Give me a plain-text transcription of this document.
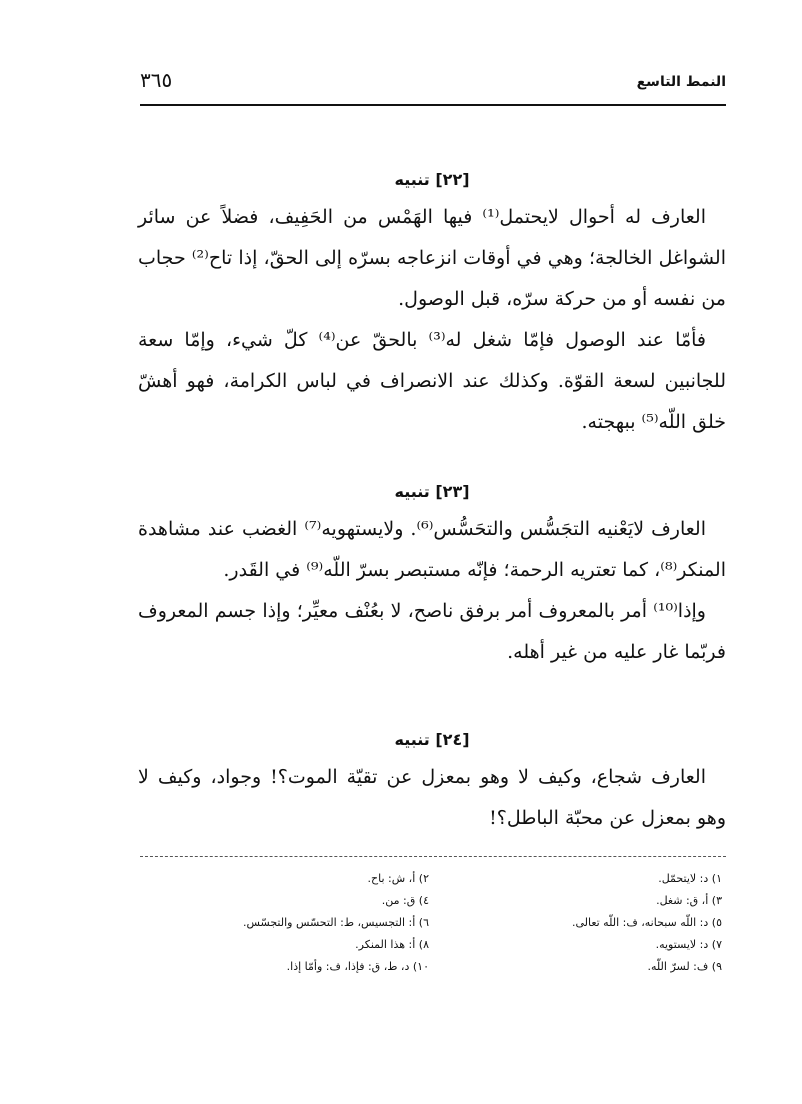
النمط التاسع
٣٦٥
[٢٢] تنبيه

العارف له أحوال لايحتمل⁽¹⁾ فيها الهَمْس من الحَفِيف، فضلاً عن سائر الشواغل الخالجة؛ وهي في أوقات انزعاجه بسرّه إلى الحقّ، إذا تاح⁽²⁾ حجاب من نفسه أو من حركة سرّه، قبل الوصول.

فأمّا عند الوصول فإمّا شغل له⁽³⁾ بالحقّ عن⁽⁴⁾ كلّ شيء، وإمّا سعة للجانبين لسعة القوّة. وكذلك عند الانصراف في لباس الكرامة، فهو أهشّ خلق اللّه⁽⁵⁾ ببهجته.

[٢٣] تنبيه

العارف لايَعْنيه التجَسُّس والتحَسُّس⁽⁶⁾. ولايستهويه⁽⁷⁾ الغضب عند مشاهدة المنكر⁽⁸⁾، كما تعتريه الرحمة؛ فإنّه مستبصر بسرّ اللّه⁽⁹⁾ في القَدر.

وإذا⁽¹⁰⁾ أمر بالمعروف أمر برفق ناصح، لا بعُنْف معيِّر؛ وإذا جسم المعروف فربّما غار عليه من غير أهله.

[٢٤] تنبيه

العارف شجاع، وكيف لا وهو بمعزل عن تقيّة الموت؟! وجواد، وكيف لا وهو بمعزل عن محبّة الباطل؟!

١) د: لايتحمّل.
٢) أ، ش: باح.
٣) أ، ق: شغل.
٤) ق: من.
٥) د: اللّه سبحانه، ف: اللّه تعالى.
٦) أ: التجسيس، ط: التحسّس والتجسّس.
٧) د: لايستويه.
٨) أ: هذا المنكر.
٩) ف: لسرّ اللّه.
١٠) د، ط، ق: فإذا، ف: وأمّا إذا.
